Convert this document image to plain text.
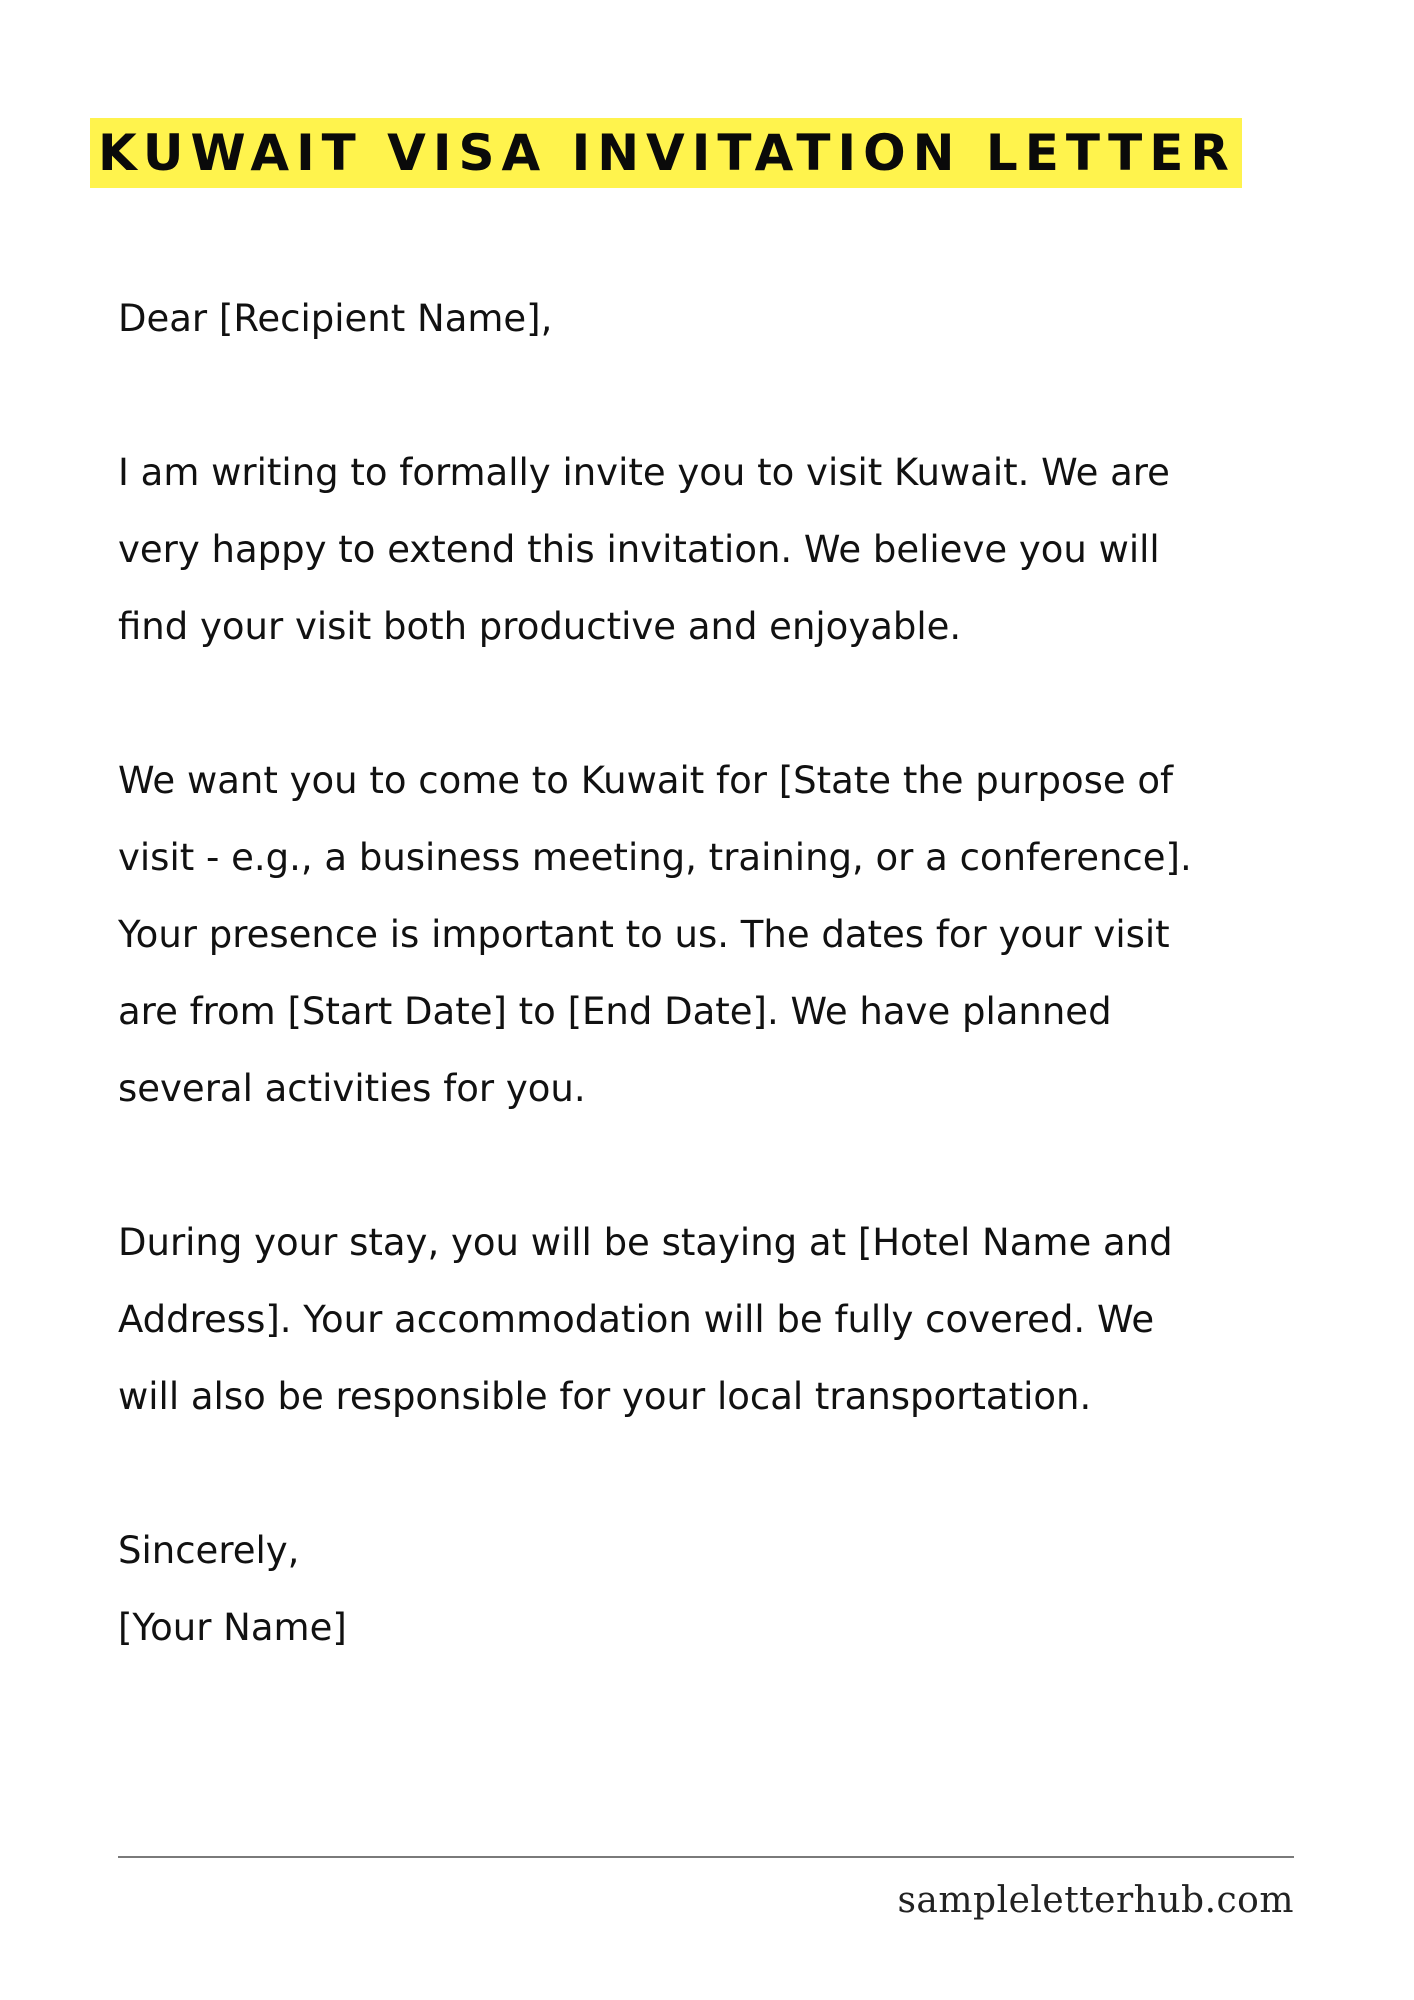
KUWAIT VISA INVITATION LETTER

Dear [Recipient Name],

I am writing to formally invite you to visit Kuwait. We are
very happy to extend this invitation. We believe you will
find your visit both productive and enjoyable.

We want you to come to Kuwait for [State the purpose of
visit - e.g., a business meeting, training, or a conference].
Your presence is important to us. The dates for your visit
are from [Start Date] to [End Date]. We have planned
several activities for you.

During your stay, you will be staying at [Hotel Name and
Address]. Your accommodation will be fully covered. We
will also be responsible for your local transportation.

Sincerely,

[Your Name]

sampleletterhub.com
